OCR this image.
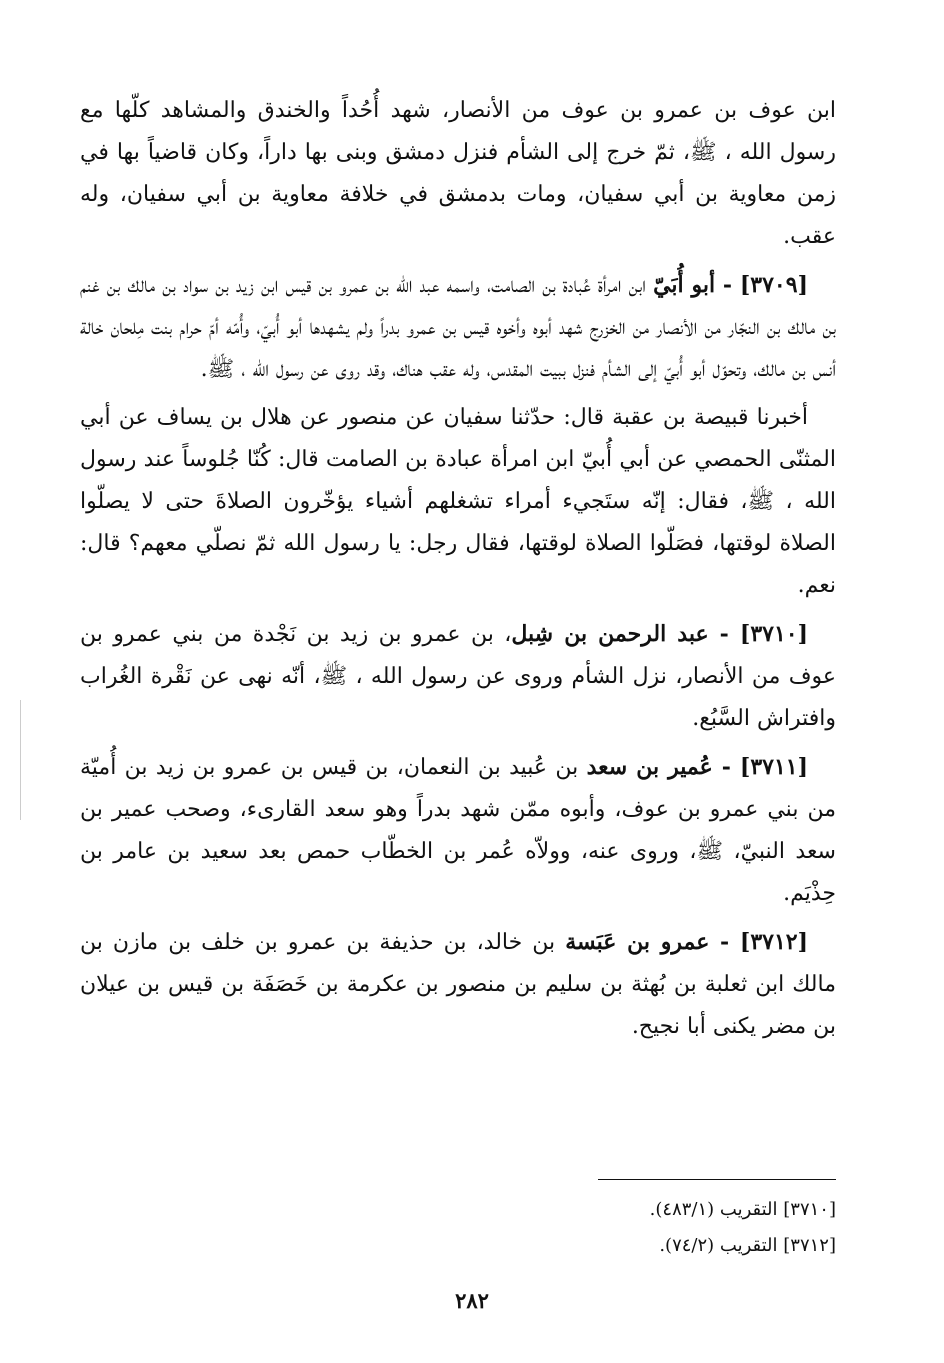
ابن عوف بن عمرو بن عوف من الأنصار، شهد أُحُداً والخندق والمشاهد كلّها مع رسول الله ، ﷺ، ثمّ خرج إلى الشأم فنزل دمشق وبنى بها داراً، وكان قاضياً بها في زمن معاوية بن أبي سفيان، ومات بدمشق في خلافة معاوية بن أبي سفيان، وله عقب.

[٣٧٠٩] - أبو أُبَيّ ابن امرأة عُبادة بن الصامت، واسمه عبد الله بن عمرو بن قيس ابن زيد بن سواد بن مالك بن غنم بن مالك بن النجّار من الأنصار من الخزرج شهد أبوه وأخوه قيس بن عمرو بدراً ولم يشهدها أبو أُبيّ، وأُمّه أمّ حرام بنت مِلحان خالة أنس بن مالك، وتحوّل أبو أُبيّ إلى الشأم فنزل ببيت المقدس، وله عقب هناك، وقد روى عن رسول الله ، ﷺ.

أخبرنا قبيصة بن عقبة قال: حدّثنا سفيان عن منصور عن هلال بن يساف عن أبي المثنّى الحمصي عن أبي أُبيّ ابن امرأة عبادة بن الصامت قال: كُنّا جُلوساً عند رسول الله ، ﷺ، فقال: إنّه ستَجيء أمراء تشغلهم أشياء يؤخّرون الصلاةَ حتى لا يصلّوا الصلاة لوقتها، فصَلّوا الصلاة لوقتها، فقال رجل: يا رسول الله ثمّ نصلّي معهم؟ قال: نعم.

[٣٧١٠] - عبد الرحمن بن شِبل، بن عمرو بن زيد بن نَجْدة من بني عمرو بن عوف من الأنصار، نزل الشأم وروى عن رسول الله ، ﷺ، أنّه نهى عن نَقْرة الغُراب وافتراش السَّبُع.

[٣٧١١] - عُمير بن سعد بن عُبيد بن النعمان، بن قيس بن عمرو بن زيد بن أُميّة من بني عمرو بن عوف، وأبوه ممّن شهد بدراً وهو سعد القارىء، وصحب عمير بن سعد النبيّ، ﷺ، وروى عنه، وولاّه عُمر بن الخطّاب حمص بعد سعيد بن عامر بن حِذْيَم.

[٣٧١٢] - عمرو بن عَبَسة بن خالد، بن حذيفة بن عمرو بن خلف بن مازن بن مالك ابن ثعلبة بن بُهثة بن سليم بن منصور بن عكرمة بن خَصَفَة بن قيس بن عيلان بن مضر يكنى أبا نجيح.

[٣٧١٠] التقريب (٤٨٣/١).
[٣٧١٢] التقريب (٧٤/٢).
٢٨٢
